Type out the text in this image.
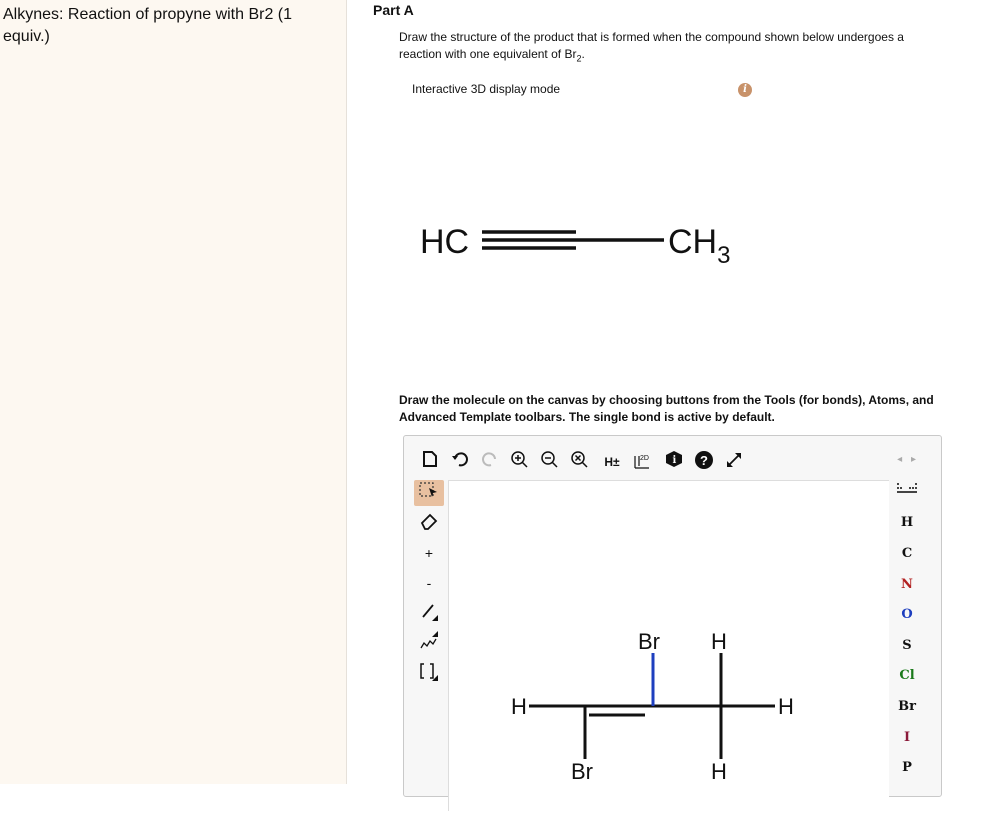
Alkynes: Reaction of propyne with Br2 (1 equiv.)
Part A
Draw the structure of the product that is formed when the compound shown below undergoes a
reaction with one equivalent of $Br_2$.
Interactive 3D display mode	i
HC	$CH_3$
Draw the molecule on the canvas by choosing buttons from the Tools (for bonds), Atoms, and
Advanced Template toolbars. The single bond is active by default.
H±	2D i ?	◂ ▸
+
-
Br H
H	H
Br	H
H
C
N
O
S
Cl
Br
I
P
